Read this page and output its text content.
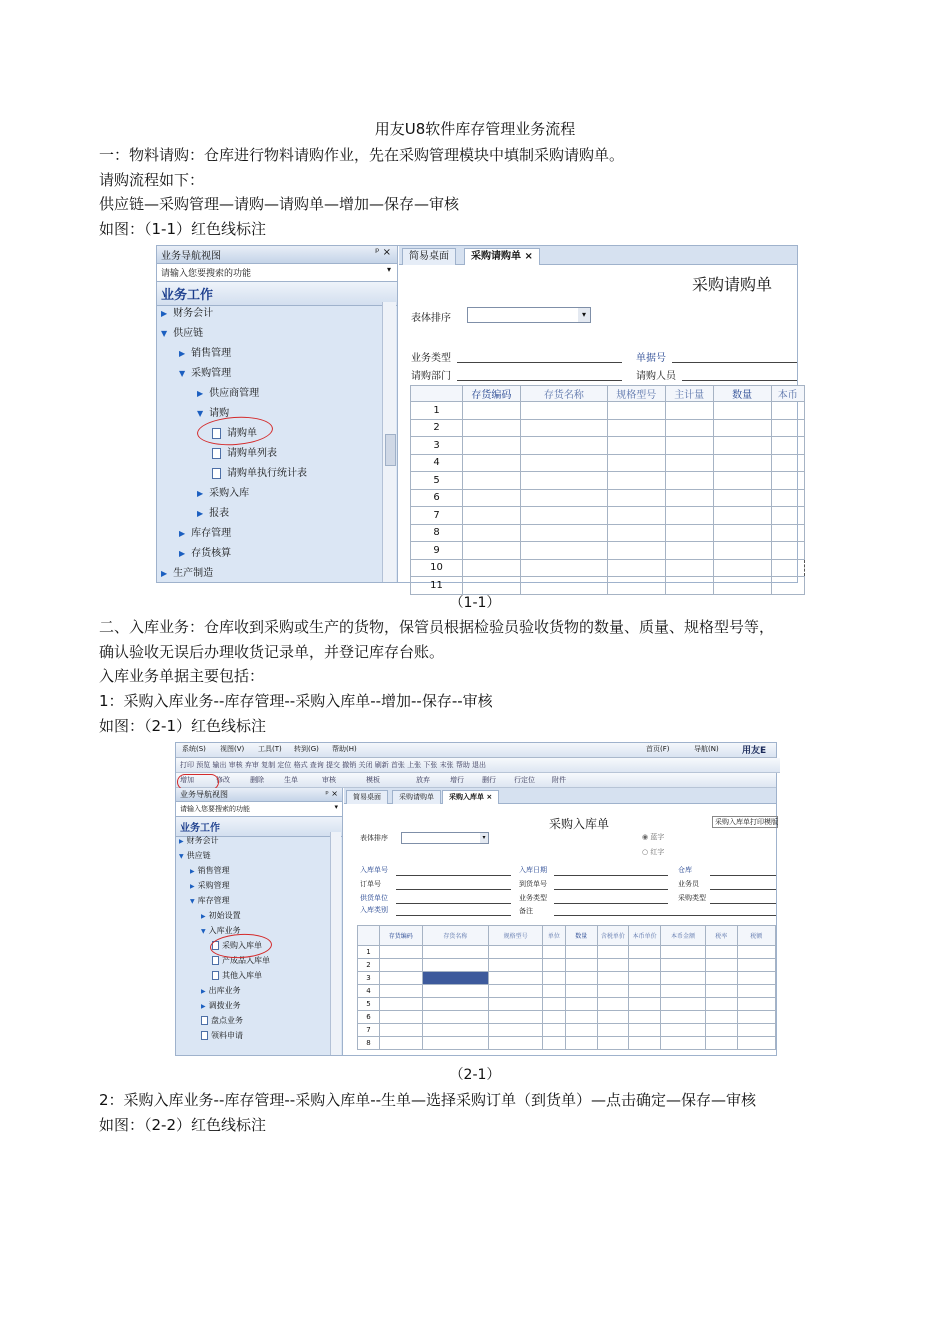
用友U8软件库存管理业务流程
一：物料请购：仓库进行物料请购作业，先在采购管理模块中填制采购请购单。
请购流程如下：
供应链—采购管理—请购—请购单—增加—保存—审核
如图：（1-1）红色线标注
业务导航视图	ᵖ ×
请输入您要搜索的功能	▾
业务工作
▶ 财务会计
▼ 供应链
▶ 销售管理
▼ 采购管理
▶ 供应商管理
▼ 请购
请购单
请购单列表
请购单执行统计表
▶ 采购入库
▶ 报表
▶ 库存管理
▶ 存货核算
▶ 生产制造
简易桌面	采购请购单 ×
采购请购单
表体排序	▾
业务类型	单据号
请购部门	请购人员
	存货编码	存货名称	规格型号	主计量	数量	本币
1						
2						
3						
4						
5						
6						
7						
8						
9						
10						
11						
（1-1）
二、入库业务：仓库收到采购或生产的货物，保管员根据检验员验收货物的数量、质量、规格型号等，
确认验收无误后办理收货记录单，并登记库存台账。
入库业务单据主要包括：
1：采购入库业务--库存管理--采购入库单--增加--保存--审核
如图：（2-1）红色线标注
系统(S) 视图(V) 工具(T) 转到(G) 帮助(H)	首页(F)	导航(N)	用友E
打印 预览 输出 审核 弃审 复制 定位 格式 查询 提交 撤销 关闭 刷新 首张 上张 下张 末张 帮助 退出
增加	修改	删除	生单	审核	模板	放弃	增行	删行	行定位 附件
业务导航视图	ᵖ ×
请输入您要搜索的功能	▾
业务工作
▶ 财务会计
▼ 供应链
▶ 销售管理
▶ 采购管理
▼ 库存管理
▶ 初始设置
▼ 入库业务
采购入库单
产成品入库单
其他入库单
▶ 出库业务
▶ 调拨业务
盘点业务
领料申请
简易桌面	采购请购单	采购入库单 ×
采购入库单	采购入库单打印模版
表体排序	▾	◉ 蓝字
○ 红字
入库单号	入库日期	仓库
订单号	到货单号	业务员
供货单位	业务类型	采购类型
入库类别	备注
	存货编码	存货名称	规格型号	单位	数量	含税单价	本币单价	本币金额	税率	税额
1										
2										
3										
4										
5										
6										
7										
8										
（2-1）
2：采购入库业务--库存管理--采购入库单--生单—选择采购订单（到货单）—点击确定—保存—审核
如图：（2-2）红色线标注
